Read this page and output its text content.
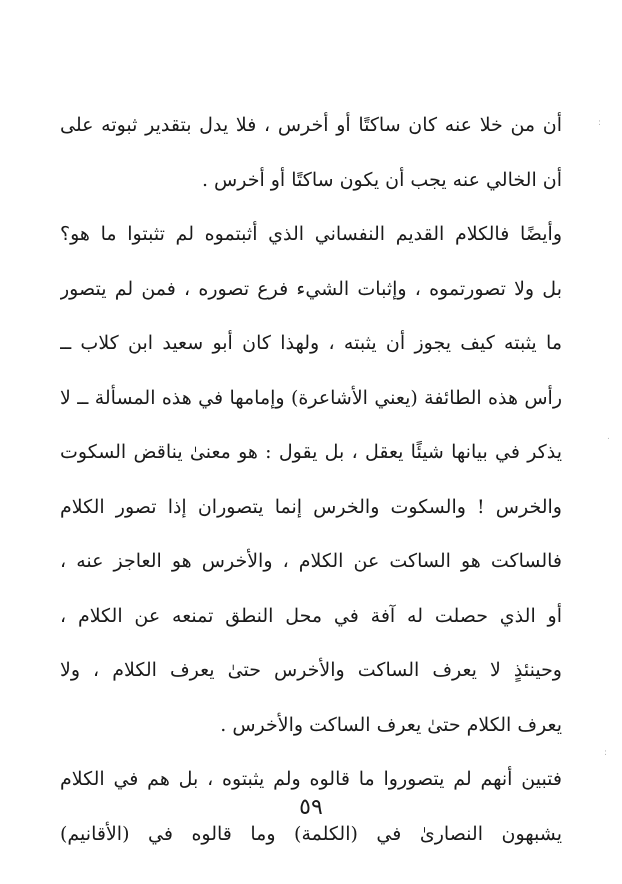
:
.
:
أن من خلا عنه كان ساكتًا أو أخرس ، فلا يدل بتقدير ثبوته على
أن الخالي عنه يجب أن يكون ساكتًا أو أخرس .
وأيضًا فالكلام القديم النفساني الذي أثبتموه لم تثبتوا ما هو؟
بل ولا تصورتموه ، وإثبات الشيء فرع تصوره ، فمن لم يتصور
ما يثبته كيف يجوز أن يثبته ، ولهذا كان أبو سعيد ابن كلاب ــ
رأس هذه الطائفة (يعني الأشاعرة) وإمامها في هذه المسألة ــ لا
يذكر في بيانها شيئًا يعقل ، بل يقول : هو معنىٰ يناقض السكوت
والخرس ! والسكوت والخرس إنما يتصوران إذا تصور الكلام
فالساكت هو الساكت عن الكلام ، والأخرس هو العاجز عنه ،
أو الذي حصلت له آفة في محل النطق تمنعه عن الكلام ،
وحينئذٍ لا يعرف الساكت والأخرس حتىٰ يعرف الكلام ، ولا
يعرف الكلام حتىٰ يعرف الساكت والأخرس .
فتبين أنهم لم يتصوروا ما قالوه ولم يثبتوه ، بل هم في الكلام
يشبهون النصارىٰ في (الكلمة) وما قالوه في (الأقانيم)
٥٩
